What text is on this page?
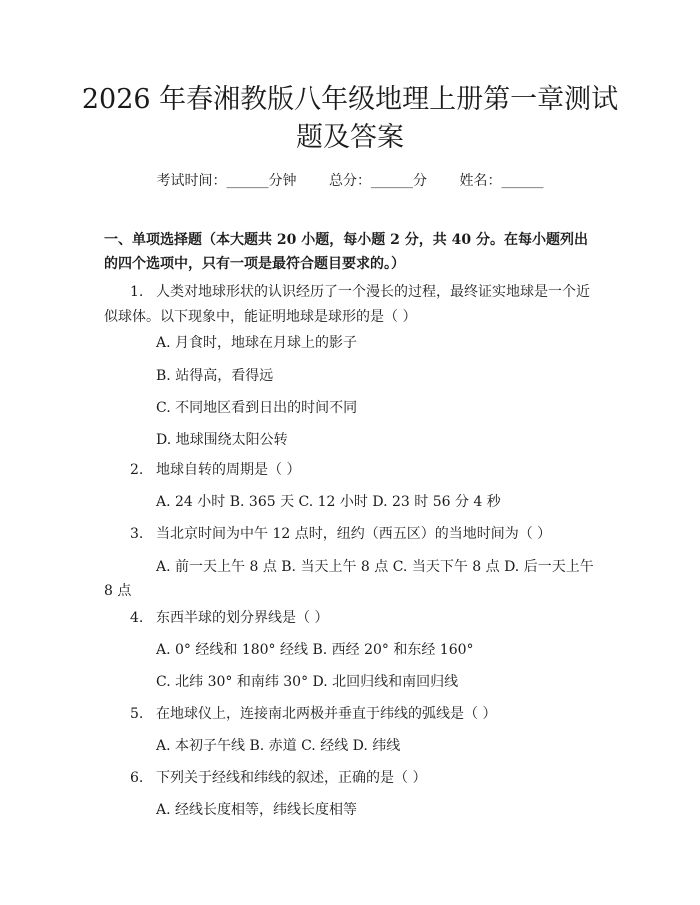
2026 年春湘教版八年级地理上册第一章测试
题及答案
考试时间：______分钟 总分：______分 姓名：______

一、单项选择题（本大题共 20 小题，每小题 2 分，共 40 分。在每小题列出的四个选项中，只有一项是最符合题目要求的。）

1. 人类对地球形状的认识经历了一个漫长的过程，最终证实地球是一个近似球体。以下现象中，能证明地球是球形的是（ ）

A. 月食时，地球在月球上的影子

B. 站得高，看得远

C. 不同地区看到日出的时间不同

D. 地球围绕太阳公转

2. 地球自转的周期是（ ）

A. 24 小时 B. 365 天 C. 12 小时 D. 23 时 56 分 4 秒

3. 当北京时间为中午 12 点时，纽约（西五区）的当地时间为（ ）

A. 前一天上午 8 点 B. 当天上午 8 点 C. 当天下午 8 点 D. 后一天上午 8 点

4. 东西半球的划分界线是（ ）

A. 0° 经线和 180° 经线 B. 西经 20° 和东经 160°

C. 北纬 30° 和南纬 30° D. 北回归线和南回归线

5. 在地球仪上，连接南北两极并垂直于纬线的弧线是（ ）

A. 本初子午线 B. 赤道 C. 经线 D. 纬线

6. 下列关于经线和纬线的叙述，正确的是（ ）

A. 经线长度相等，纬线长度相等
